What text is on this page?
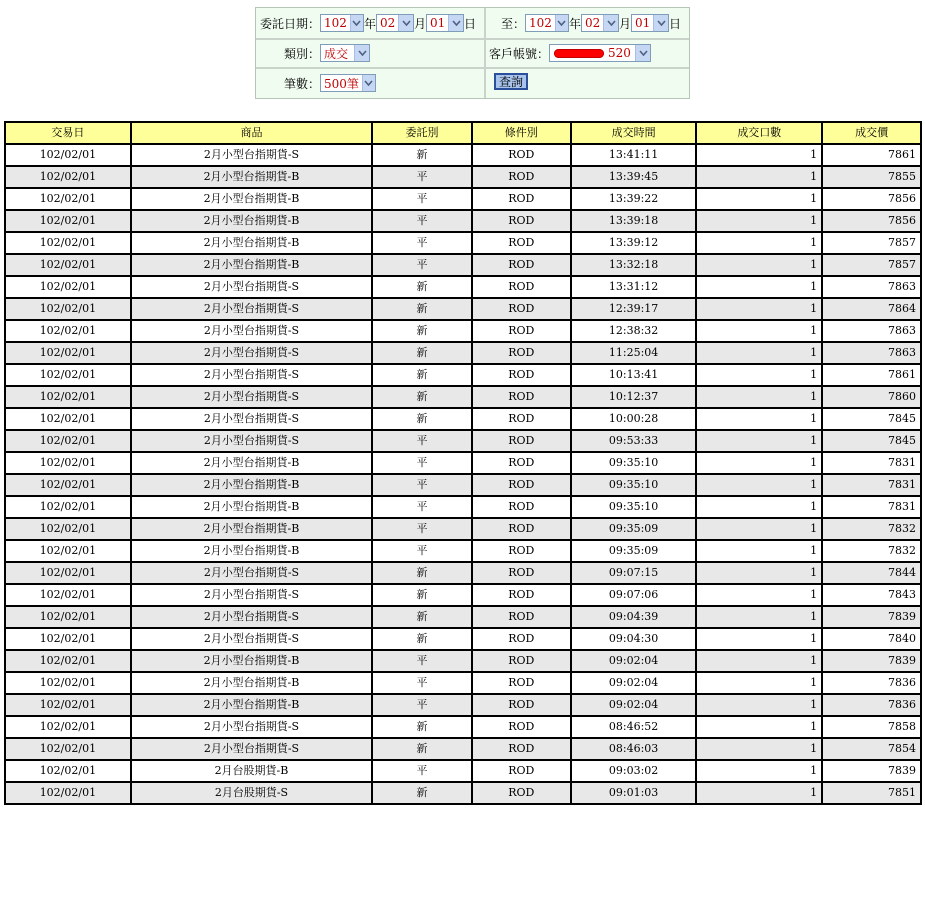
委託日期： 102 年 02 月 01 日 至： 102 年 02 月 01 日
類別： 成交	客戶帳號：	520
筆數： 500筆	查詢
交易日	商品	委託別	條件別	成交時間	成交口數	成交價
102/02/01	2月小型台指期貨-S	新	ROD	13:41:11	1	7861
102/02/01	2月小型台指期貨-B	平	ROD	13:39:45	1	7855
102/02/01	2月小型台指期貨-B	平	ROD	13:39:22	1	7856
102/02/01	2月小型台指期貨-B	平	ROD	13:39:18	1	7856
102/02/01	2月小型台指期貨-B	平	ROD	13:39:12	1	7857
102/02/01	2月小型台指期貨-B	平	ROD	13:32:18	1	7857
102/02/01	2月小型台指期貨-S	新	ROD	13:31:12	1	7863
102/02/01	2月小型台指期貨-S	新	ROD	12:39:17	1	7864
102/02/01	2月小型台指期貨-S	新	ROD	12:38:32	1	7863
102/02/01	2月小型台指期貨-S	新	ROD	11:25:04	1	7863
102/02/01	2月小型台指期貨-S	新	ROD	10:13:41	1	7861
102/02/01	2月小型台指期貨-S	新	ROD	10:12:37	1	7860
102/02/01	2月小型台指期貨-S	新	ROD	10:00:28	1	7845
102/02/01	2月小型台指期貨-S	平	ROD	09:53:33	1	7845
102/02/01	2月小型台指期貨-B	平	ROD	09:35:10	1	7831
102/02/01	2月小型台指期貨-B	平	ROD	09:35:10	1	7831
102/02/01	2月小型台指期貨-B	平	ROD	09:35:10	1	7831
102/02/01	2月小型台指期貨-B	平	ROD	09:35:09	1	7832
102/02/01	2月小型台指期貨-B	平	ROD	09:35:09	1	7832
102/02/01	2月小型台指期貨-S	新	ROD	09:07:15	1	7844
102/02/01	2月小型台指期貨-S	新	ROD	09:07:06	1	7843
102/02/01	2月小型台指期貨-S	新	ROD	09:04:39	1	7839
102/02/01	2月小型台指期貨-S	新	ROD	09:04:30	1	7840
102/02/01	2月小型台指期貨-B	平	ROD	09:02:04	1	7839
102/02/01	2月小型台指期貨-B	平	ROD	09:02:04	1	7836
102/02/01	2月小型台指期貨-B	平	ROD	09:02:04	1	7836
102/02/01	2月小型台指期貨-S	新	ROD	08:46:52	1	7858
102/02/01	2月小型台指期貨-S	新	ROD	08:46:03	1	7854
102/02/01	2月台股期貨-B	平	ROD	09:03:02	1	7839
102/02/01	2月台股期貨-S	新	ROD	09:01:03	1	7851
